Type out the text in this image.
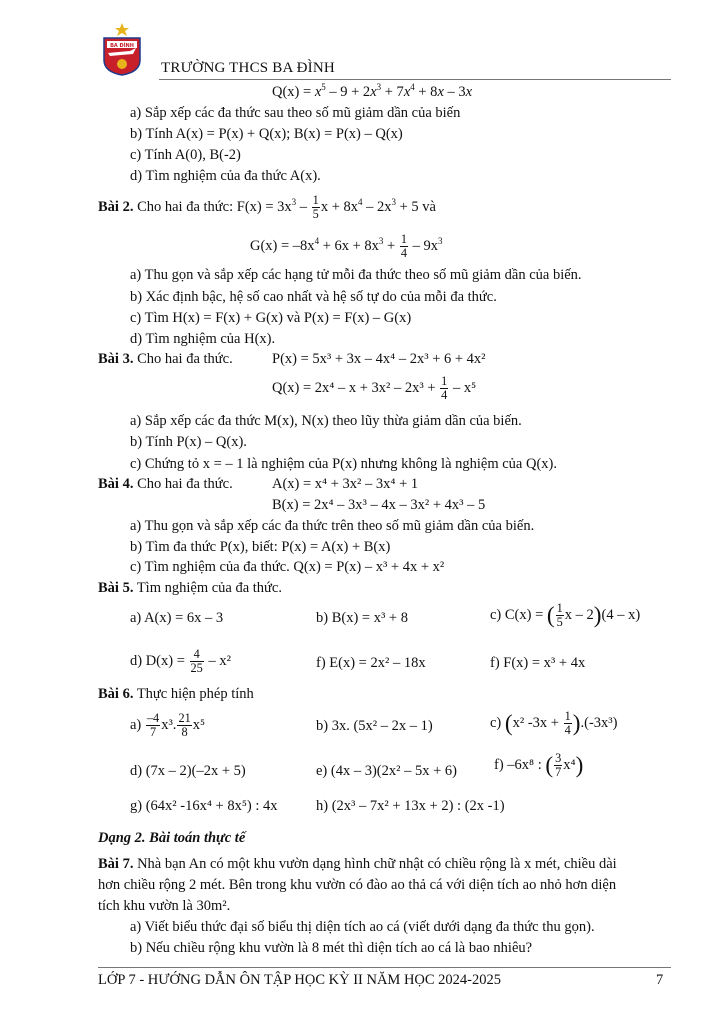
BA ĐÌNH
TRƯỜNG THCS BA ĐÌNH
$Q(x) = x^5 - 9 + 2x^3 + 7x^4 + 8x - 3x$
a) Sắp xếp các đa thức sau theo số mũ giảm dần của biến
b) Tính A(x) = P(x) + Q(x); B(x) = P(x) – Q(x)
c) Tính A(0), B(-2)
d) Tìm nghiệm của đa thức A(x).
Bài 2. Cho hai đa thức: $F(x) = 3x^3 - \frac{1}{5}$ $x + 8x^4 - 2x^3 + 5$ và
$G(x) = -8x^4 + 6x + 8x^3 + \frac{1}{4} - 9x^3$
a) Thu gọn và sắp xếp các hạng tử mỗi đa thức theo số mũ giảm dần của biến.
b) Xác định bậc, hệ số cao nhất và hệ số tự do của mỗi đa thức.
c) Tìm H(x) = F(x) + G(x) và P(x) = F(x) – G(x)
d) Tìm nghiệm của H(x).
Bài 3. Cho hai đa thức.	P(x) = 5x³ + 3x – 4x⁴ – 2x³ + 6 + 4x²
$Q(x) = 2x^4 - x + 3x^2 - 2x^3 + \frac{1}{4} - x^5$
a) Sắp xếp các đa thức M(x), N(x) theo lũy thừa giảm dần của biến.
b) Tính P(x) – Q(x).
c) Chứng tỏ x = – 1 là nghiệm của P(x) nhưng không là nghiệm của Q(x).
Bài 4. Cho hai đa thức.	A(x) = x⁴ + 3x² – 3x⁴ + 1
B(x) = 2x⁴ – 3x³ – 4x – 3x² + 4x³ – 5
a) Thu gọn và sắp xếp các đa thức trên theo số mũ giảm dần của biến.
b) Tìm đa thức P(x), biết: P(x) = A(x) + B(x)
c) Tìm nghiệm của đa thức. Q(x) = P(x) – x³ + 4x + x²
Bài 5. Tìm nghiệm của đa thức.
a) A(x) = 6x – 3	b) B(x) = x³ + 8	c) C(x) = ( $\frac{1}{5}$ x – 2)(4 – x)
d) $D(x) = \frac{4}{25} - x^2$	f) E(x) = 2x² – 18x	f) F(x) = x³ + 4x
Bài 6. Thực hiện phép tính
$a) \frac{-4}{7} x^3$. $\frac{21}{8} x^5$	b) 3x. (5x² – 2x – 1)	c) (x² $-3x + \frac{1}{4} ).(-3x^3)$
d) (7x – 2)(–2x + 5)	e) (4x – 3)(2x² – 5x + 6)	f) –6x⁸ : ( $\frac{3}{7} x^4$)
g) (64x² -16x⁴ + 8x⁵) : 4x	h) (2x³ – 7x² + 13x + 2) : (2x -1)
Dạng 2. Bài toán thực tế
Bài 7. Nhà bạn An có một khu vườn dạng hình chữ nhật có chiều rộng là x mét, chiều dài
hơn chiều rộng 2 mét. Bên trong khu vườn có đào ao thả cá với diện tích ao nhỏ hơn diện
tích khu vườn là 30m².
a) Viết biểu thức đại số biểu thị diện tích ao cá (viết dưới dạng đa thức thu gọn).
b) Nếu chiều rộng khu vườn là 8 mét thì diện tích ao cá là bao nhiêu?
LỚP 7 - HƯỚNG DẪN ÔN TẬP HỌC KỲ II NĂM HỌC 2024-2025	7
